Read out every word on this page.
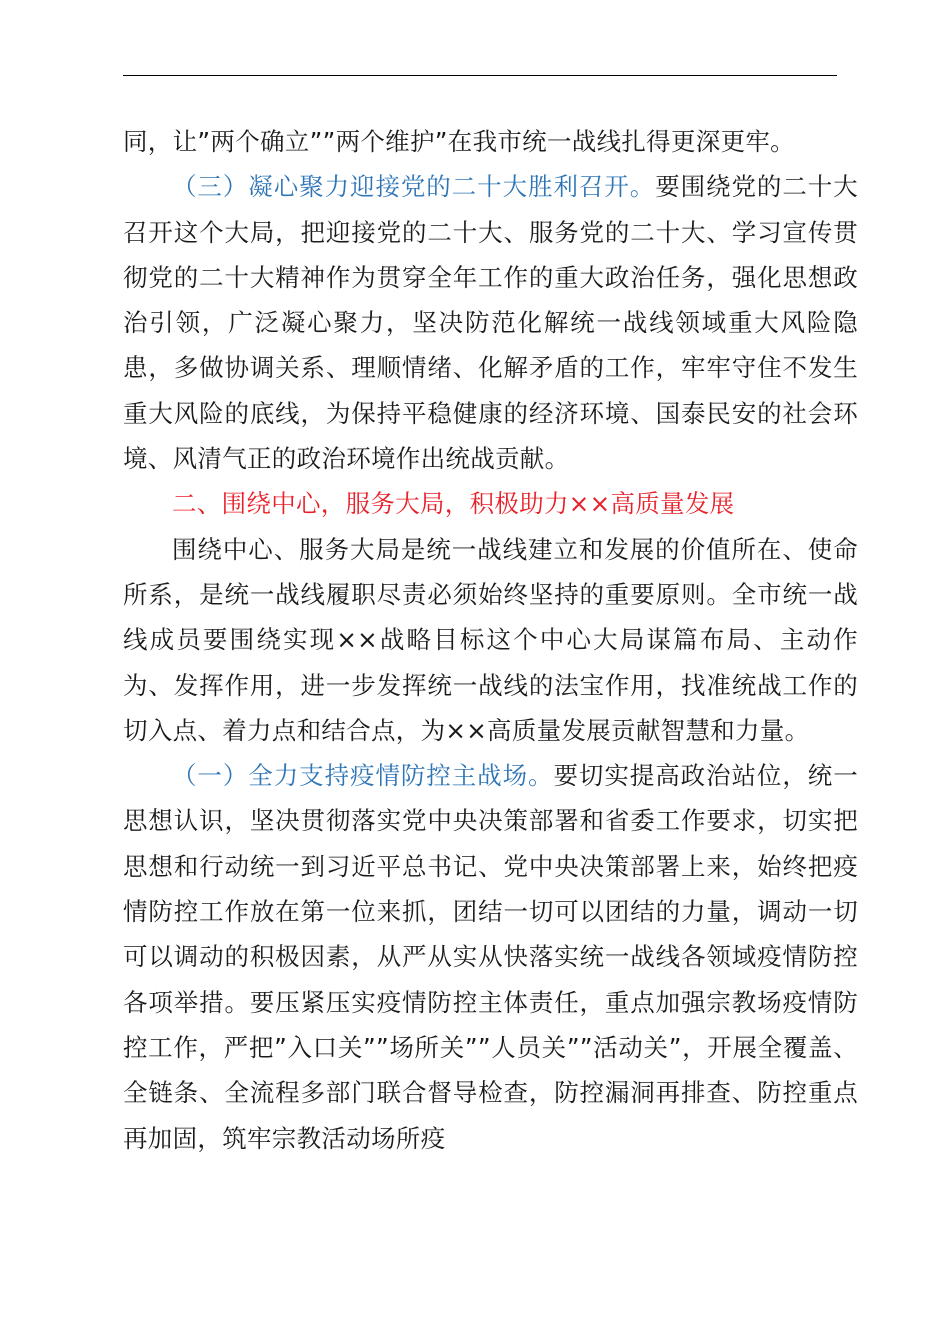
同，让”两个确立””两个维护”在我市统一战线扎得更深更牢。

（三）凝心聚力迎接党的二十大胜利召开。要围绕党的二十大召开这个大局，把迎接党的二十大、服务党的二十大、学习宣传贯彻党的二十大精神作为贯穿全年工作的重大政治任务，强化思想政治引领，广泛凝心聚力，坚决防范化解统一战线领域重大风险隐患，多做协调关系、理顺情绪、化解矛盾的工作，牢牢守住不发生重大风险的底线，为保持平稳健康的经济环境、国泰民安的社会环境、风清气正的政治环境作出统战贡献。

二、围绕中心，服务大局，积极助力××高质量发展

围绕中心、服务大局是统一战线建立和发展的价值所在、使命所系，是统一战线履职尽责必须始终坚持的重要原则。全市统一战线成员要围绕实现××战略目标这个中心大局谋篇布局、主动作为、发挥作用，进一步发挥统一战线的法宝作用，找准统战工作的切入点、着力点和结合点，为××高质量发展贡献智慧和力量。

（一）全力支持疫情防控主战场。要切实提高政治站位，统一思想认识，坚决贯彻落实党中央决策部署和省委工作要求，切实把思想和行动统一到习近平总书记、党中央决策部署上来，始终把疫情防控工作放在第一位来抓，团结一切可以团结的力量，调动一切可以调动的积极因素，从严从实从快落实统一战线各领域疫情防控各项举措。要压紧压实疫情防控主体责任，重点加强宗教场疫情防控工作，严把”入口关””场所关””人员关””活动关”，开展全覆盖、全链条、全流程多部门联合督导检查，防控漏洞再排查、防控重点再加固，筑牢宗教活动场所疫
